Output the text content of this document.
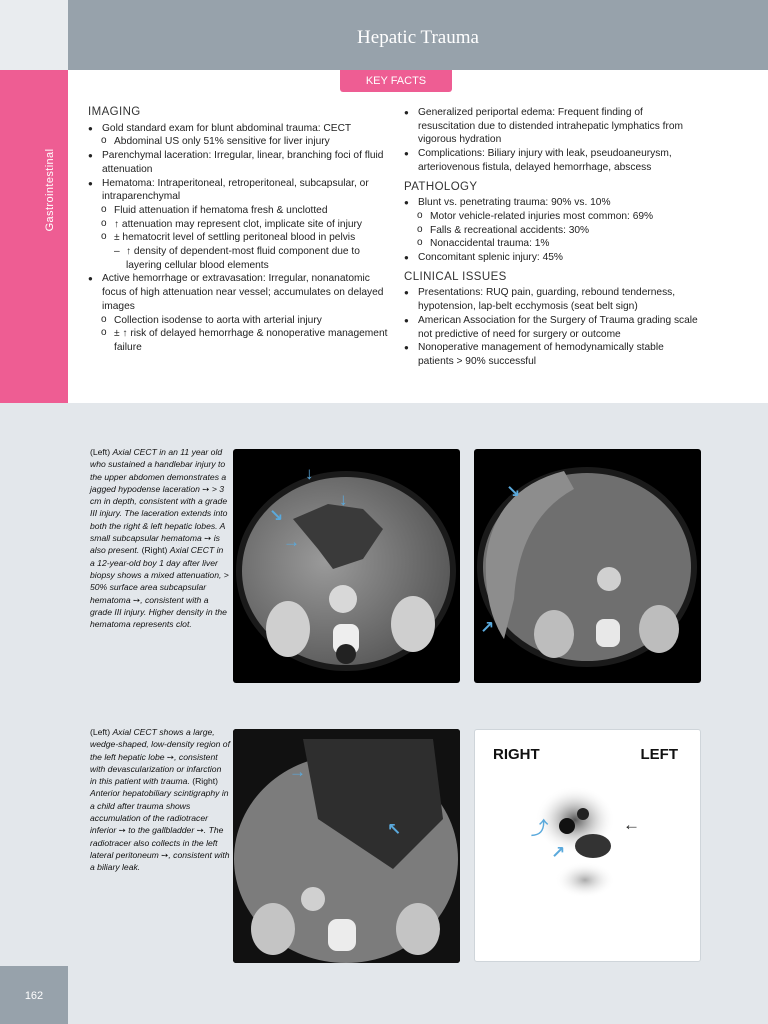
Hepatic Trauma
Gastrointestinal
IMAGING
● Gold standard exam for blunt abdominal trauma: CECT
o Abdominal US only 51% sensitive for liver injury
● Parenchymal laceration: Irregular, linear, branching foci of fluid attenuation
● Hematoma: Intraperitoneal, retroperitoneal, subcapsular, or intraparenchymal
o Fluid attenuation if hematoma fresh & unclotted
o ↑ attenuation may represent clot, implicate site of injury
o ± hematocrit level of settling peritoneal blood in pelvis
– ↑ density of dependent-most fluid component due to layering cellular blood elements
● Active hemorrhage or extravasation: Irregular, nonanatomic focus of high attenuation near vessel; accumulates on delayed images
o Collection isodense to aorta with arterial injury
o ± ↑ risk of delayed hemorrhage & nonoperative management failure
● Generalized periportal edema: Frequent finding of resuscitation due to distended intrahepatic lymphatics from vigorous hydration
● Complications: Biliary injury with leak, pseudoaneurysm, arteriovenous fistula, delayed hemorrhage, abscess
PATHOLOGY
● Blunt vs. penetrating trauma: 90% vs. 10%
o Motor vehicle-related injuries most common: 69%
o Falls & recreational accidents: 30%
o Nonaccidental trauma: 1%
● Concomitant splenic injury: 45%
CLINICAL ISSUES
● Presentations: RUQ pain, guarding, rebound tenderness, hypotension, lap-belt ecchymosis (seat belt sign)
● American Association for the Surgery of Trauma grading scale not predictive of need for surgery or outcome
● Nonoperative management of hemodynamically stable patients > 90% successful
KEY FACTS
(Left) Axial CECT in an 11 year old who sustained a handlebar injury to the upper abdomen demonstrates a jagged hypodense laceration ➙ > 3 cm in depth, consistent with a grade III injury. The laceration extends into both the right & left hepatic lobes. A small subcapsular hematoma ➙ is also present. (Right) Axial CECT in a 12-year-old boy 1 day after liver biopsy shows a mixed attenuation, > 50% surface area subcapsular hematoma ➙, consistent with a grade III injury. Higher density in the hematoma represents clot.
↓
↓
↘
→
↘
↗
(Left) Axial CECT shows a large, wedge-shaped, low-density region of the left hepatic lobe ➙, consistent with devascularization or infarction in this patient with trauma. (Right) Anterior hepatobiliary scintigraphy in a child after trauma shows accumulation of the radiotracer inferior ➙ to the gallbladder ➙. The radiotracer also collects in the left lateral peritoneum ➙, consistent with a biliary leak.
→
↖
RIGHT	LEFT
⤴
↗
←
162
